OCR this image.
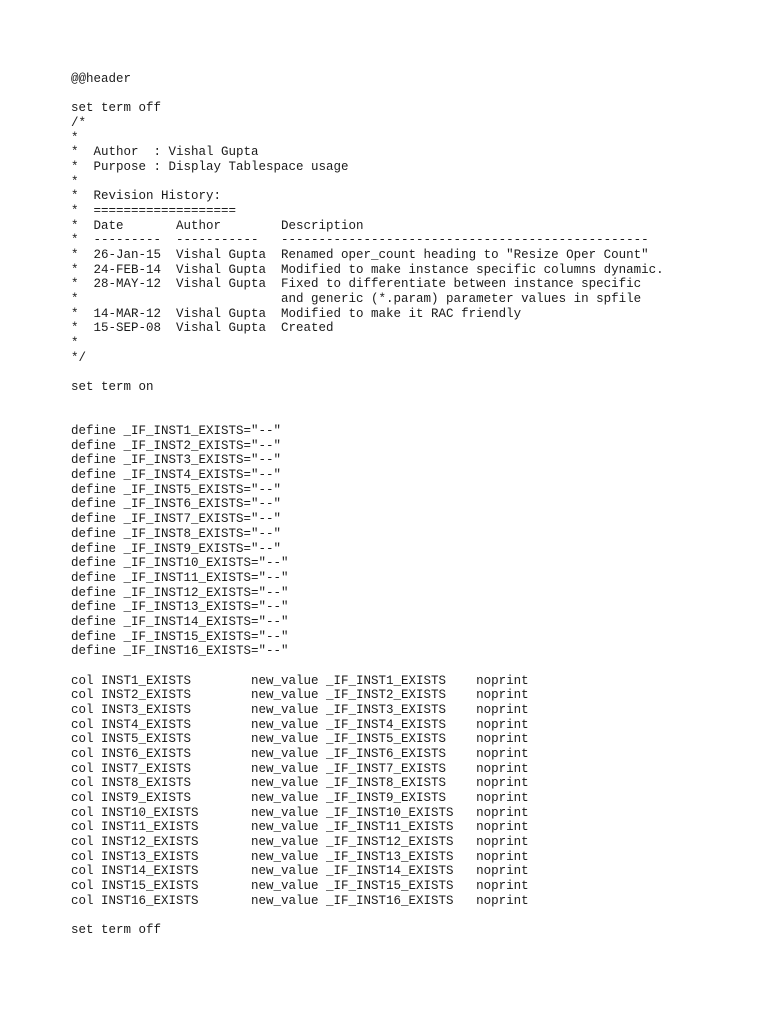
@@header
set term off
/*
*
*  Author  : Vishal Gupta
*  Purpose : Display Tablespace usage
*
*  Revision History:
*  ===================
*  Date       Author        Description
*  ---------  -----------   -------------------------------------------------
*  26-Jan-15  Vishal Gupta  Renamed oper_count heading to "Resize Oper Count"
*  24-FEB-14  Vishal Gupta  Modified to make instance specific columns dynamic.
*  28-MAY-12  Vishal Gupta  Fixed to differentiate between instance specific
*                           and generic (*.param) parameter values in spfile
*  14-MAR-12  Vishal Gupta  Modified to make it RAC friendly
*  15-SEP-08  Vishal Gupta  Created
*
*/
set term on
define _IF_INST1_EXISTS="--"
define _IF_INST2_EXISTS="--"
define _IF_INST3_EXISTS="--"
define _IF_INST4_EXISTS="--"
define _IF_INST5_EXISTS="--"
define _IF_INST6_EXISTS="--"
define _IF_INST7_EXISTS="--"
define _IF_INST8_EXISTS="--"
define _IF_INST9_EXISTS="--"
define _IF_INST10_EXISTS="--"
define _IF_INST11_EXISTS="--"
define _IF_INST12_EXISTS="--"
define _IF_INST13_EXISTS="--"
define _IF_INST14_EXISTS="--"
define _IF_INST15_EXISTS="--"
define _IF_INST16_EXISTS="--"
col INST1_EXISTS        new_value _IF_INST1_EXISTS    noprint
col INST2_EXISTS        new_value _IF_INST2_EXISTS    noprint
col INST3_EXISTS        new_value _IF_INST3_EXISTS    noprint
col INST4_EXISTS        new_value _IF_INST4_EXISTS    noprint
col INST5_EXISTS        new_value _IF_INST5_EXISTS    noprint
col INST6_EXISTS        new_value _IF_INST6_EXISTS    noprint
col INST7_EXISTS        new_value _IF_INST7_EXISTS    noprint
col INST8_EXISTS        new_value _IF_INST8_EXISTS    noprint
col INST9_EXISTS        new_value _IF_INST9_EXISTS    noprint
col INST10_EXISTS       new_value _IF_INST10_EXISTS   noprint
col INST11_EXISTS       new_value _IF_INST11_EXISTS   noprint
col INST12_EXISTS       new_value _IF_INST12_EXISTS   noprint
col INST13_EXISTS       new_value _IF_INST13_EXISTS   noprint
col INST14_EXISTS       new_value _IF_INST14_EXISTS   noprint
col INST15_EXISTS       new_value _IF_INST15_EXISTS   noprint
col INST16_EXISTS       new_value _IF_INST16_EXISTS   noprint
set term off
